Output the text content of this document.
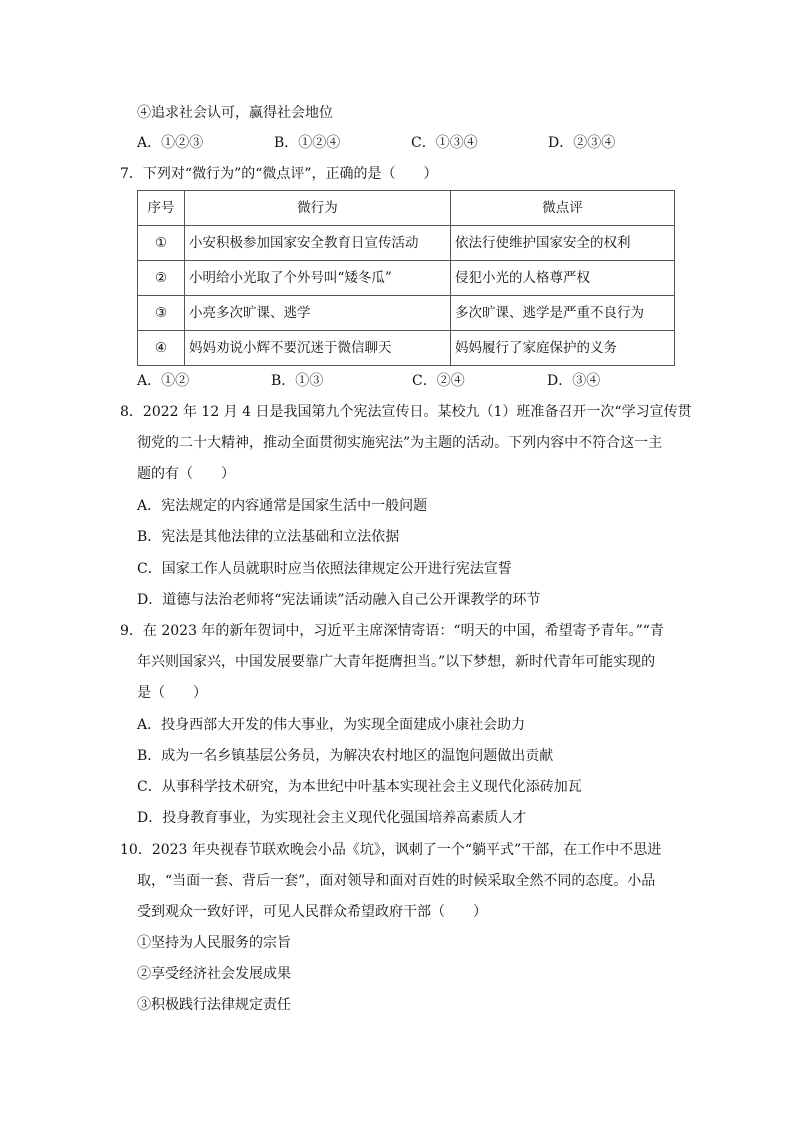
④追求社会认可，赢得社会地位
A．①②③	B．①②④	C．①③④	D．②③④
7．下列对“微行为”的“微点评”，正确的是（　　）
序号	微行为	微点评
①	小安积极参加国家安全教育日宣传活动	依法行使维护国家安全的权利
②	小明给小光取了个外号叫“矮冬瓜”	侵犯小光的人格尊严权
③	小亮多次旷课、逃学	多次旷课、逃学是严重不良行为
④	妈妈劝说小辉不要沉迷于微信聊天	妈妈履行了家庭保护的义务
A．①②	B．①③	C．②④	D．③④
8．2022 年 12 月 4 日是我国第九个宪法宣传日。某校九（1）班准备召开一次“学习宣传贯
彻党的二十大精神，推动全面贯彻实施宪法”为主题的活动。下列内容中不符合这一主
题的有（　　）
A．宪法规定的内容通常是国家生活中一般问题
B．宪法是其他法律的立法基础和立法依据
C．国家工作人员就职时应当依照法律规定公开进行宪法宣誓
D．道德与法治老师将“宪法诵读”活动融入自己公开课教学的环节
9．在 2023 年的新年贺词中，习近平主席深情寄语：“明天的中国，希望寄予青年。”“青
年兴则国家兴，中国发展要靠广大青年挺膺担当。”以下梦想，新时代青年可能实现的
是（　　）
A．投身西部大开发的伟大事业，为实现全面建成小康社会助力
B．成为一名乡镇基层公务员，为解决农村地区的温饱问题做出贡献
C．从事科学技术研究，为本世纪中叶基本实现社会主义现代化添砖加瓦
D．投身教育事业，为实现社会主义现代化强国培养高素质人才
10．2023 年央视春节联欢晚会小品《坑》，讽刺了一个“躺平式”干部，在工作中不思进
取，“当面一套、背后一套”，面对领导和面对百姓的时候采取全然不同的态度。小品
受到观众一致好评，可见人民群众希望政府干部（　　）
①坚持为人民服务的宗旨
②享受经济社会发展成果
③积极践行法律规定责任
